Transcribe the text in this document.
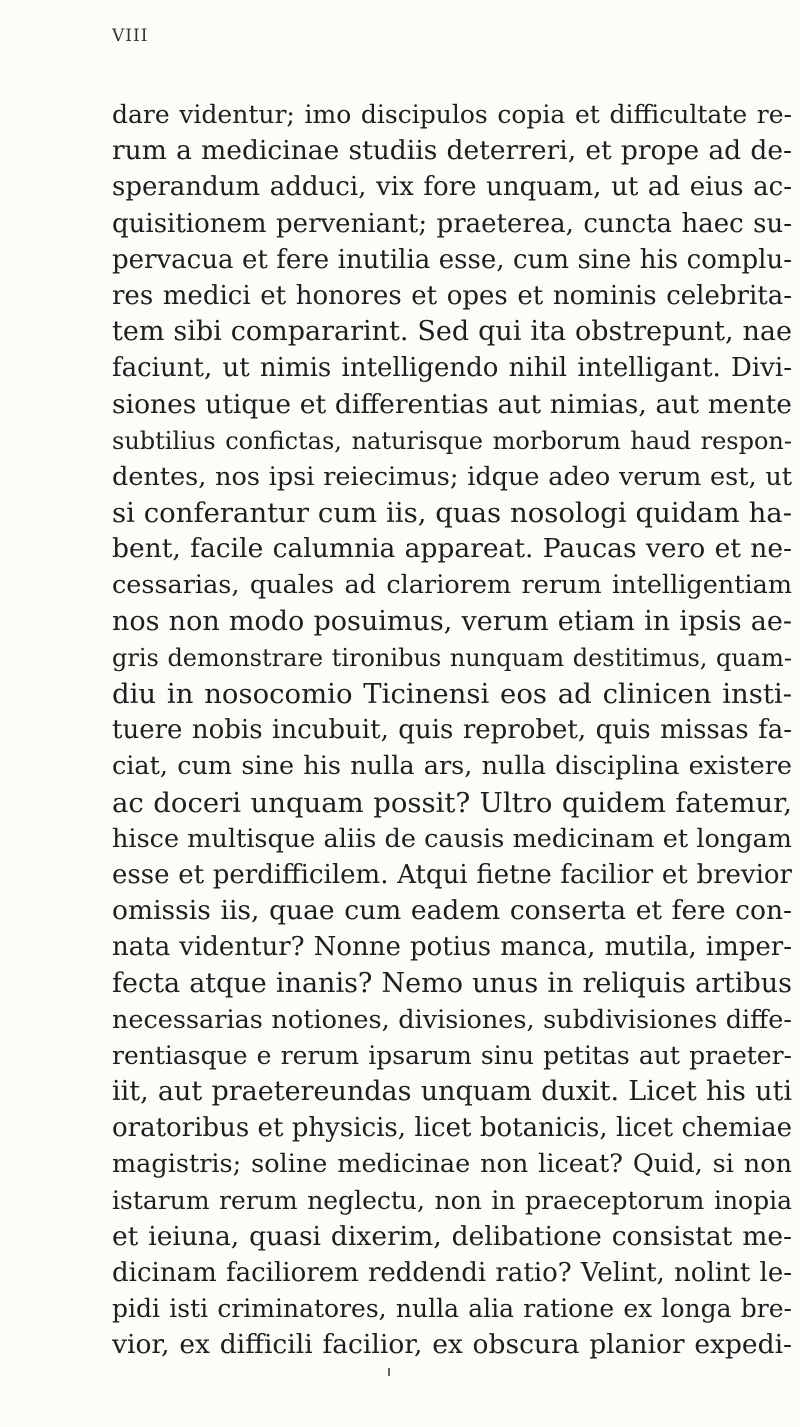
VIII
dare videntur; imo discipulos copia et difficultate re-
rum a medicinae studiis deterreri, et prope ad de-
sperandum adduci, vix fore unquam, ut ad eius ac-
quisitionem perveniant; praeterea, cuncta haec su-
pervacua et fere inutilia esse, cum sine his complu-
res medici et honores et opes et nominis celebrita-
tem sibi compararint. Sed qui ita obstrepunt, nae
faciunt, ut nimis intelligendo nihil intelligant. Divi-
siones utique et differentias aut nimias, aut mente
subtilius confictas, naturisque morborum haud respon-
dentes, nos ipsi reiecimus; idque adeo verum est, ut
si conferantur cum iis, quas nosologi quidam ha-
bent, facile calumnia appareat. Paucas vero et ne-
cessarias, quales ad clariorem rerum intelligentiam
nos non modo posuimus, verum etiam in ipsis ae-
gris demonstrare tironibus nunquam destitimus, quam-
diu in nosocomio Ticinensi eos ad clinicen insti-
tuere nobis incubuit, quis reprobet, quis missas fa-
ciat, cum sine his nulla ars, nulla disciplina existere
ac doceri unquam possit? Ultro quidem fatemur,
hisce multisque aliis de causis medicinam et longam
esse et perdifficilem. Atqui fietne facilior et brevior
omissis iis, quae cum eadem conserta et fere con-
nata videntur? Nonne potius manca, mutila, imper-
fecta atque inanis? Nemo unus in reliquis artibus
necessarias notiones, divisiones, subdivisiones diffe-
rentiasque e rerum ipsarum sinu petitas aut praeter-
iit, aut praetereundas unquam duxit. Licet his uti
oratoribus et physicis, licet botanicis, licet chemiae
magistris; soline medicinae non liceat? Quid, si non
istarum rerum neglectu, non in praeceptorum inopia
et ieiuna, quasi dixerim, delibatione consistat me-
dicinam faciliorem reddendi ratio? Velint, nolint le-
pidi isti criminatores, nulla alia ratione ex longa bre-
vior, ex difficili facilior, ex obscura planior expedi-
